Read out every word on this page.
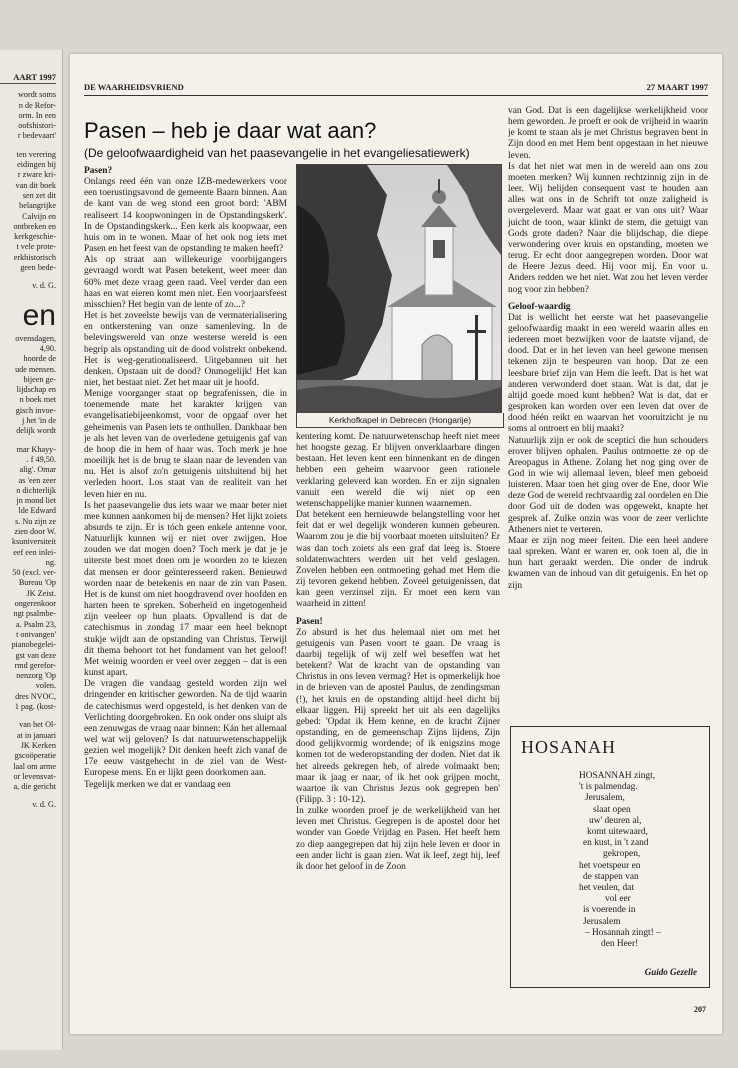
AART 1997

wordt soms
n de Refor-
orm. In een
oofshistori-
r bedevaart'

ten verering
eidingen bij
r zware kri-
van dit boek
sen zet dit
belangrijke
Calvijn en
ontbreken en
kerkgeschie-
t vele prote-
erkhistorisch
geen bede-

v. d. G.

en

ovensdagen,
4,90.
hoorde de
ude mensen.
bijeen ge-
lijdschap en
n boek met
gisch invoe-
j het 'in de
delijk wordt

mar Khayy-
. f 49,50.
alig'. Omar
as 'een zeer
n dichterlijk
jn mond liet
lde Edward
s. Nu zijn ze
zien door W.
ksuniversiteit
eef een inlei-
ng.
50 (excl. ver-
Bureau 'Op
JK Zeist.
ongerenkoor
ngt psalmbe-
a. Psalm 23,
t ontvangen'
pianobegelei-
gst van deze
rmd gerefor-
nenzorg 'Op
volen.
dres NVOC,
1 pag. (kost-

van het Ol-
at in januari
JK Kerken
gscoöperatie
laal om arme
or levensvat-
a, die gericht

v. d. G.

DE WAARHEIDSVRIEND	27 MAART 1997
Pasen – heb je daar wat aan?
(De geloofwaardigheid van het paasevangelie in het evangeliesatiewerk)

Pasen?

Onlangs reed één van onze IZB-medewerkers voor een toerustingsavond de gemeente Baarn binnen. Aan de kant van de weg stond een groot bord: 'ABM realiseert 14 koopwoningen in de Opstandingskerk'. In de Opstandingskerk... Een kerk als koopwaar, een huis om in te wonen. Maar of het ook nog iets met Pasen en het feest van de opstanding te maken heeft?

Als op straat aan willekeurige voorbijgangers gevraagd wordt wat Pasen betekent, weet meer dan 60% met deze vraag geen raad. Veel verder dan een haas en wat eieren komt men niet. Een voorjaarsfeest misschien? Het begin van de lente of zo...?

Het is het zoveelste bewijs van de vermaterialisering en ontkerstening van onze samenleving. In de belevingswereld van onze westerse wereld is een begrip als opstanding uit de dood volstrekt onbekend. Het is weg-gerationaliseerd. Uitgebannen uit het denken. Opstaan uit de dood? Onmogelijk! Het kan niet, het bestaat niet. Zet het maar uit je hoofd.

Menige voorganger staat op begrafenissen, die in toenemende mate het karakter krijgen van evangelisatiebijeenkomst, voor de opgaaf over het geheimenis van Pasen iets te onthullen. Dankbaar ben je als het leven van de overledene getuigenis gaf van de hoop die in hem of haar was. Toch merk je hoe moeilijk het is de brug te slaan naar de levenden van nu. Het is alsof zo'n getuigenis uitsluitend bij het verleden hoort. Los staat van de realiteit van het leven hier en nu.

Is het paasevangelie dus iets waar we maar beter niet mee kunnen aankomen bij de mensen? Het lijkt zoiets absurds te zijn. Er is tóch geen enkele antenne voor. Natuurlijk kunnen wij er niet over zwijgen. Hoe zouden we dat mogen doen? Toch merk je dat je je uiterste best moet doen om je woorden zo te kiezen dat mensen er door geïnteresseerd raken. Benieuwd worden naar de betekenis en naar de zin van Pasen. Het is de kunst om niet hoogdravend over hoofden en harten heen te spreken. Soberheid en ingetogenheid zijn veeleer op hun plaats. Opvallend is dat de catechismus in zondag 17 maar een heel beknopt stukje wijdt aan de opstanding van Christus. Terwijl dit thema behoort tot het fundament van het geloof! Met weinig woorden er veel over zeggen – dat is een kunst apart.

De vragen die vandaag gesteld worden zijn wel dringender en kritischer geworden. Na de tijd waarin de catechismus werd opgesteld, is het denken van de Verlichting doorgebroken. En ook onder ons sluipt als een zenuwgas de vraag naar binnen: Kán het allemaal wel wat wij geloven? Is dat natuurwetenschappelijk gezien wel mogelijk? Dit denken heeft zich vanaf de 17e eeuw vastgehecht in de ziel van de West-Europese mens. En er lijkt geen doorkomen aan.

Tegelijk merken we dat er vandaag een

Kerkhofkapel in Debrecen (Hongarije)

kentering komt. De natuurwetenschap heeft niet meer het hoogste gezag. Er blijven onverklaarbare dingen bestaan. Het leven kent een binnenkant en de dingen hebben een geheim waarvoor geen rationele verklaring geleverd kan worden. En er zijn signalen vanuit een wereld die wij niet op een wetenschappelijke manier kunnen waarnemen.

Dat betekent een hernieuwde belangstelling voor het feit dat er wel degelijk wonderen kunnen gebeuren. Waarom zou je die bij voorbaat moeten uitsluiten? Er was dan toch zoiets als een graf dat leeg is. Stoere soldatenwachters werden uit het veld geslagen. Zovelen hebben een ontmoeting gehad met Hem die zij tevoren gekend hebben. Zoveel getuigenissen, dat kan geen verzinsel zijn. Er moet een kern van waarheid in zitten!

Pasen!

Zo absurd is het dus helemaal niet om met het getuigenis van Pasen voort te gaan. De vraag is daarbij tegelijk of wij zelf wel beseffen wat het betekent? Wat de kracht van de opstanding van Christus in ons leven vermag? Het is opmerkelijk hoe in de brieven van de apostel Paulus, de zendingsman (!), het kruis en de opstanding altijd heel dicht bij elkaar liggen. Hij spreekt het uit als een dagelijks gebed: 'Opdat ik Hem kenne, en de kracht Zijner opstanding, en de gemeenschap Zijns lijdens, Zijn dood gelijkvormig wordende; of ik enigszins moge komen tot de wederopstanding der doden. Niet dat ik het alreeds gekregen heb, of alrede volmaakt ben; maar ik jaag er naar, of ik het ook grijpen mocht, waartoe ik van Christus Jezus ook gegrepen ben' (Filipp. 3 : 10-12).

In zulke woorden proef je de werkelijkheid van het leven met Christus. Gegrepen is de apostel door het wonder van Goede Vrijdag en Pasen. Het heeft hem zo diep aangegrepen dat hij zijn hele leven er door in een ander licht is gaan zien. Wat ik leef, zegt hij, leef ik door het geloof in de Zoon

van God. Dat is een dagelijkse werkelijkheid voor hem geworden. Je proeft er ook de vrijheid in waarin je komt te staan als je met Christus begraven bent in Zijn dood en met Hem bent opgestaan in het nieuwe leven.

Is dat het niet wat men in de wereld aan ons zou moeten merken? Wij kunnen rechtzinnig zijn in de leer. Wij belijden consequent vast te houden aan alles wat ons in de Schrift tot onze zaligheid is overgeleverd. Maar wat gaat er van ons uit? Waar juicht de toon, waar klinkt de stem, die getuigt van Gods grote daden? Naar die blijdschap, die diepe verwondering over kruis en opstanding, moeten we terug. Er echt door aangegrepen worden. Door wat de Heere Jezus deed. Hij voor mij. En voor u. Anders redden we het niet. Wat zou het leven verder nog voor zin hebben?

Geloof-waardig

Dat is wellicht het eerste wat het paasevangelie geloofwaardig maakt in een wereld waarin alles en iedereen moet bezwijken voor de laatste vijand, de dood. Dat er in het leven van heel gewone mensen tekenen zijn te bespeuren van hoop. Dat ze een leesbare brief zijn van Hem die leeft. Dat is het wat anderen verwonderd doet staan. Wat is dat, dat je altijd goede moed kunt hebben? Wat is dat, dat er gesproken kan worden over een leven dat over de dood héén reikt en waarvan het vooruitzicht je nu soms al ontroert en blij maakt?

Natuurlijk zijn er ook de scepticí die hun schouders erover blijven ophalen. Paulus ontmoette ze op de Areopagus in Athene. Zolang het nog ging over de God in wie wij allemaal leven, bleef men geboeid luisteren. Maar toen het ging over de Ene, door Wie deze God de wereld rechtvaardig zal oordelen en Die door God uit de doden was opgewekt, knapte het gesprek af. Zulke onzin was voor de zeer verlichte Atheners niet te verteren.

Maar er zijn nog meer feiten. Die een heel andere taal spreken. Want er waren er, ook toen al, die in hun hart geraakt werden. Die onder de indruk kwamen van de inhoud van dit getuigenis. En het op zijn

HOSANAH
HOSANNAH zingt,
't is palmendag.
Jerusalem,
slaat open
uw' deuren al,
komt uitewaard,
en kust, in 't zand
gekropen,
het voetspeur en
de stappen van
het veulen, dat
vol eer
is voerende in
Jerusalem
– Hosannah zingt! –
den Heer!
Guido Gezelle
207
